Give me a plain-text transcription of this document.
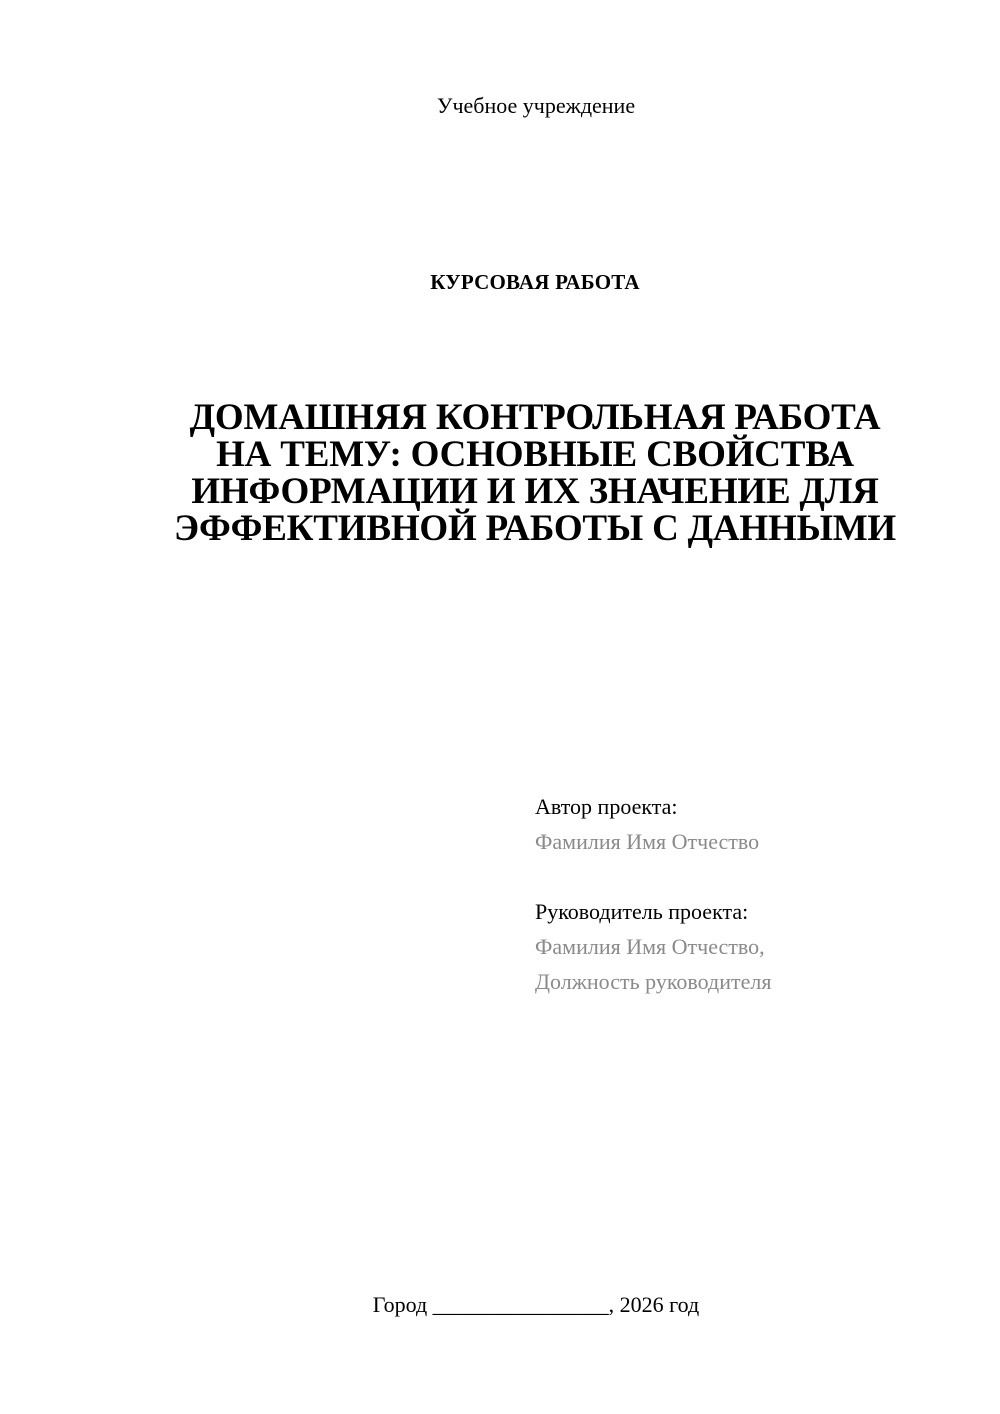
Учебное учреждение
КУРСОВАЯ РАБОТА
ДОМАШНЯЯ КОНТРОЛЬНАЯ РАБОТА
НА ТЕМУ: ОСНОВНЫЕ СВОЙСТВА
ИНФОРМАЦИИ И ИХ ЗНАЧЕНИЕ ДЛЯ
ЭФФЕКТИВНОЙ РАБОТЫ С ДАННЫМИ
Автор проекта:
Фамилия Имя Отчество
Руководитель проекта:
Фамилия Имя Отчество,
Должность руководителя
Город ________________, 2026 год
